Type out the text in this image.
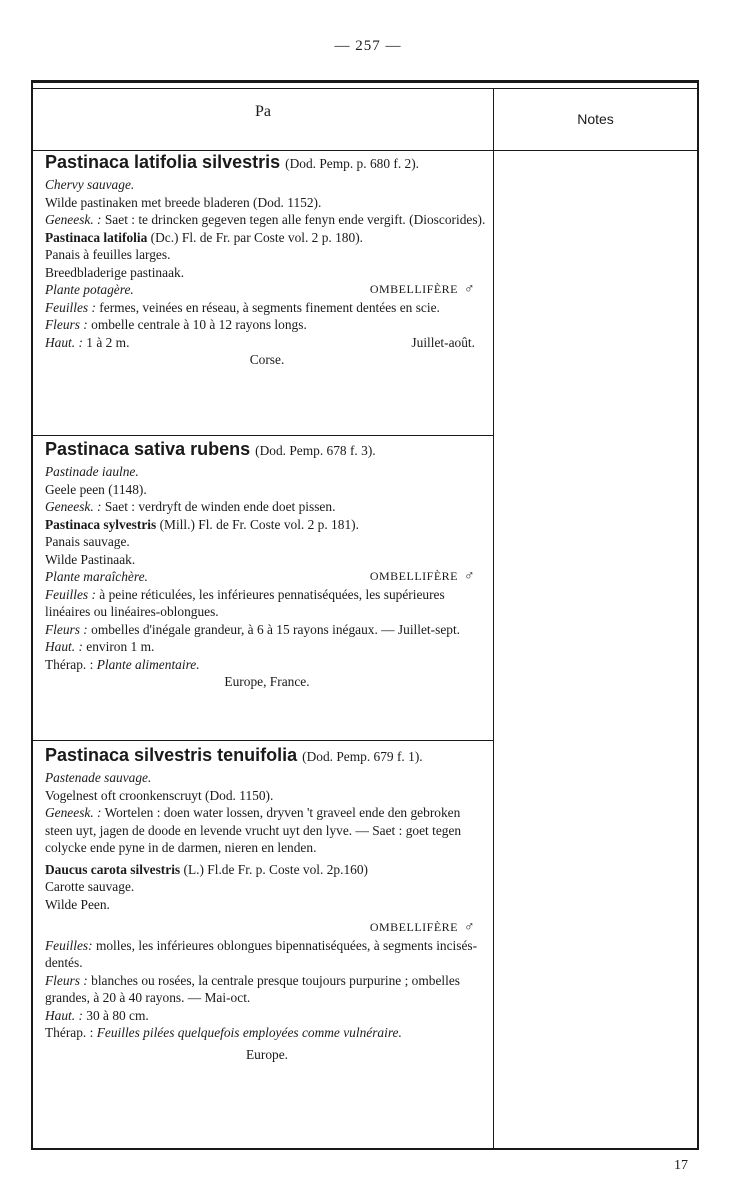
— 257 —
Pa	Notes
Pastinaca latifolia silvestris (Dod. Pemp. p. 680 f. 2).
Chervy sauvage.
Wilde pastinaken met breede bladeren (Dod. 1152).
Geneesk. : Saet : te drincken gegeven tegen alle fenyn ende vergift. (Dioscorides).
Pastinaca latifolia (Dc.) Fl. de Fr. par Coste vol. 2 p. 180).
Panais à feuilles larges.
Breedbladerige pastinaak.
Plante potagère.	OMBELLIFÈRE ♂
Feuilles : fermes, veinées en réseau, à segments finement dentées en scie.
Fleurs : ombelle centrale à 10 à 12 rayons longs.
Haut. : 1 à 2 m.	Juillet-août.
Corse.
Pastinaca sativa rubens (Dod. Pemp. 678 f. 3).
Pastinade iaulne.
Geele peen (1148).
Geneesk. : Saet : verdryft de winden ende doet pissen.
Pastinaca sylvestris (Mill.) Fl. de Fr. Coste vol. 2 p. 181).
Panais sauvage.
Wilde Pastinaak.
Plante maraîchère.	OMBELLIFÈRE ♂
Feuilles : à peine réticulées, les inférieures pennatiséquées, les supérieures linéaires ou linéaires-oblongues.
Fleurs : ombelles d'inégale grandeur, à 6 à 15 rayons inégaux. — Juillet-sept.
Haut. : environ 1 m.
Thérap. : Plante alimentaire.
Europe, France.
Pastinaca silvestris tenuifolia (Dod. Pemp. 679 f. 1).
Pastenade sauvage.
Vogelnest oft croonkenscruyt (Dod. 1150).
Geneesk. : Wortelen : doen water lossen, dryven 't graveel ende den gebroken steen uyt, jagen de doode en levende vrucht uyt den lyve. — Saet : goet tegen colycke ende pyne in de darmen, nieren en lenden.
Daucus carota silvestris (L.) Fl.de Fr. p. Coste vol. 2p.160)
Carotte sauvage.
Wilde Peen.
OMBELLIFÈRE ♂
Feuilles: molles, les inférieures oblongues bipennatiséquées, à segments incisés-dentés.
Fleurs : blanches ou rosées, la centrale presque toujours purpurine ; ombelles grandes, à 20 à 40 rayons. — Mai-oct.
Haut. : 30 à 80 cm.
Thérap. : Feuilles pilées quelquefois employées comme vulnéraire.
Europe.
17
